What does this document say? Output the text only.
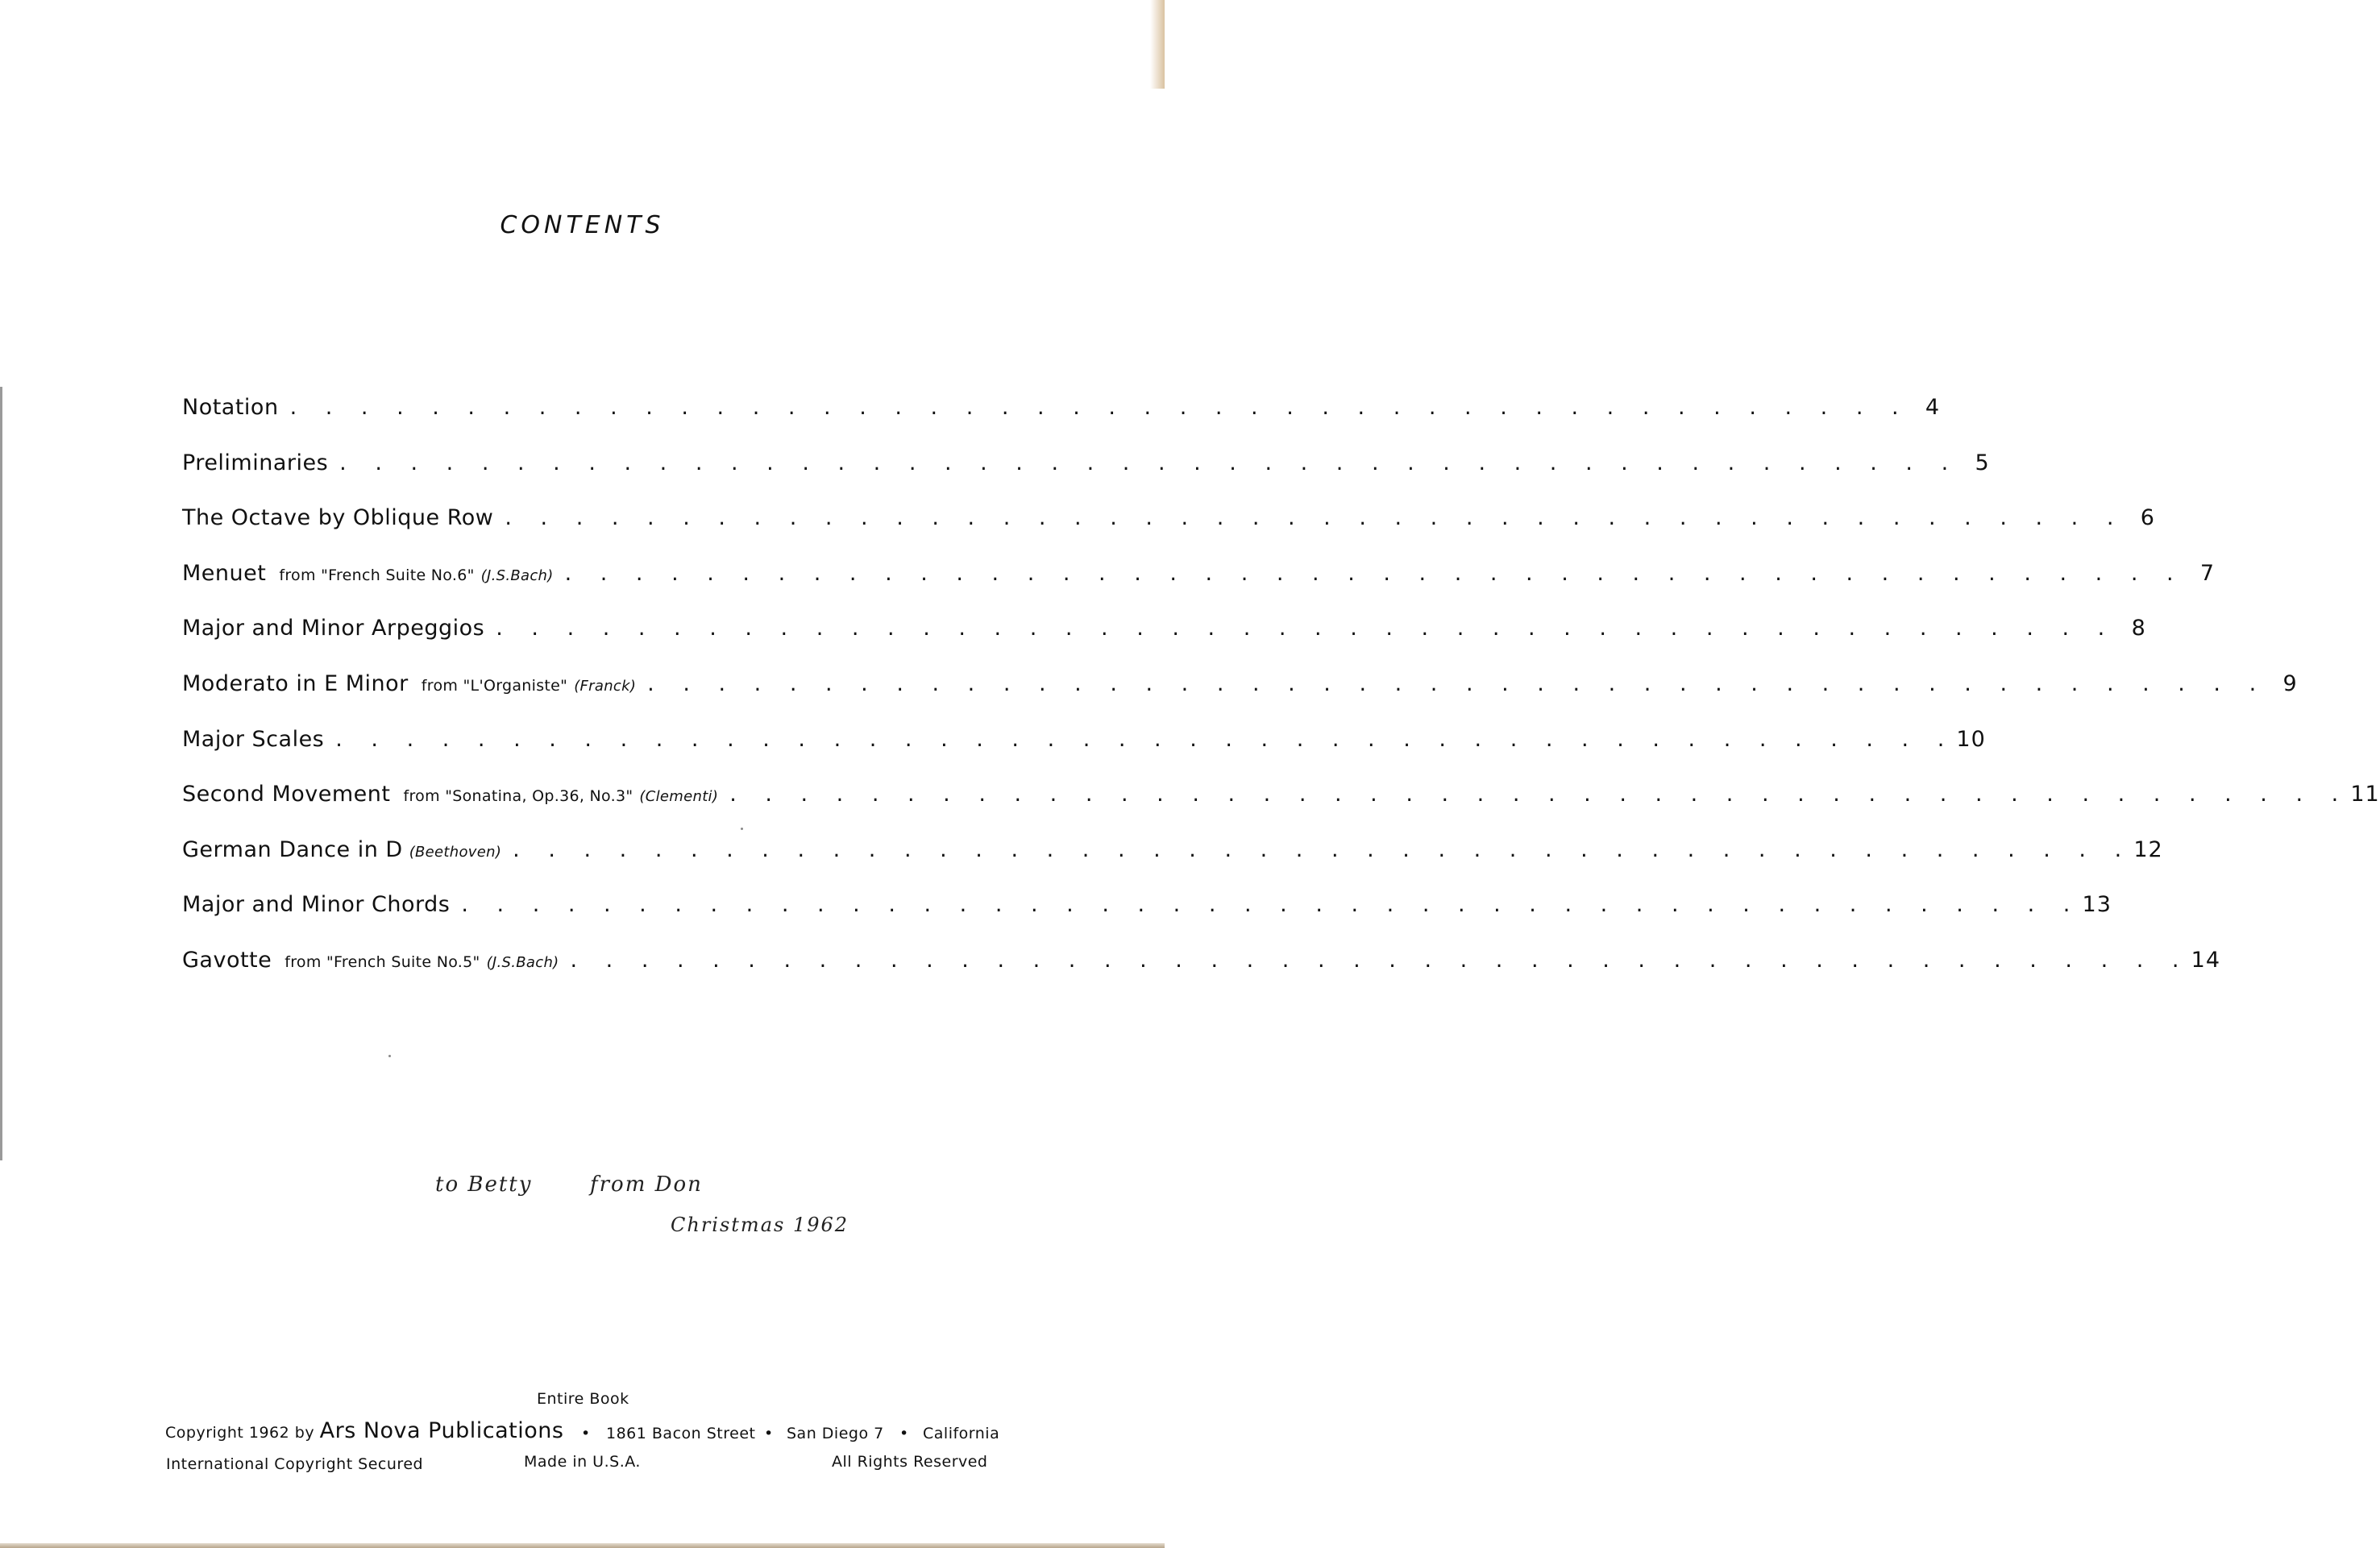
CONTENTS
Notation . . . . . . . . . . . . . . . . . . . . . . . . . . . . . . . . . . . . . . . . . . . . . . 4
Preliminaries . . . . . . . . . . . . . . . . . . . . . . . . . . . . . . . . . . . . . . . . . . . . . . 5
The Octave by Oblique Row . . . . . . . . . . . . . . . . . . . . . . . . . . . . . . . . . . . . . . . . . . . . . . 6
Menuet from "French Suite No.6" (J.S.Bach) . . . . . . . . . . . . . . . . . . . . . . . . . . . . . . . . . . . . . . . . . . . . . . 7
Major and Minor Arpeggios . . . . . . . . . . . . . . . . . . . . . . . . . . . . . . . . . . . . . . . . . . . . . . 8
Moderato in E Minor from "L'Organiste" (Franck) . . . . . . . . . . . . . . . . . . . . . . . . . . . . . . . . . . . . . . . . . . . . . . 9
Major Scales . . . . . . . . . . . . . . . . . . . . . . . . . . . . . . . . . . . . . . . . . . . . . . 10
Second Movement from "Sonatina, Op.36, No.3" (Clementi) . . . . . . . . . . . . . . . . . . . . . . . . . . . . . . . . . . . . . . . . . . . . . . 11
German Dance in D (Beethoven) . . . . . . . . . . . . . . . . . . . . . . . . . . . . . . . . . . . . . . . . . . . . . . 12
Major and Minor Chords . . . . . . . . . . . . . . . . . . . . . . . . . . . . . . . . . . . . . . . . . . . . . . 13
Gavotte from "French Suite No.5" (J.S.Bach) . . . . . . . . . . . . . . . . . . . . . . . . . . . . . . . . . . . . . . . . . . . . . . 14
to Betty	from Don
Christmas 1962
Entire Book
Copyright 1962 by Ars Nova Publications • 1861 Bacon Street • San Diego 7 • California
International Copyright Secured	Made in U.S.A.	All Rights Reserved
